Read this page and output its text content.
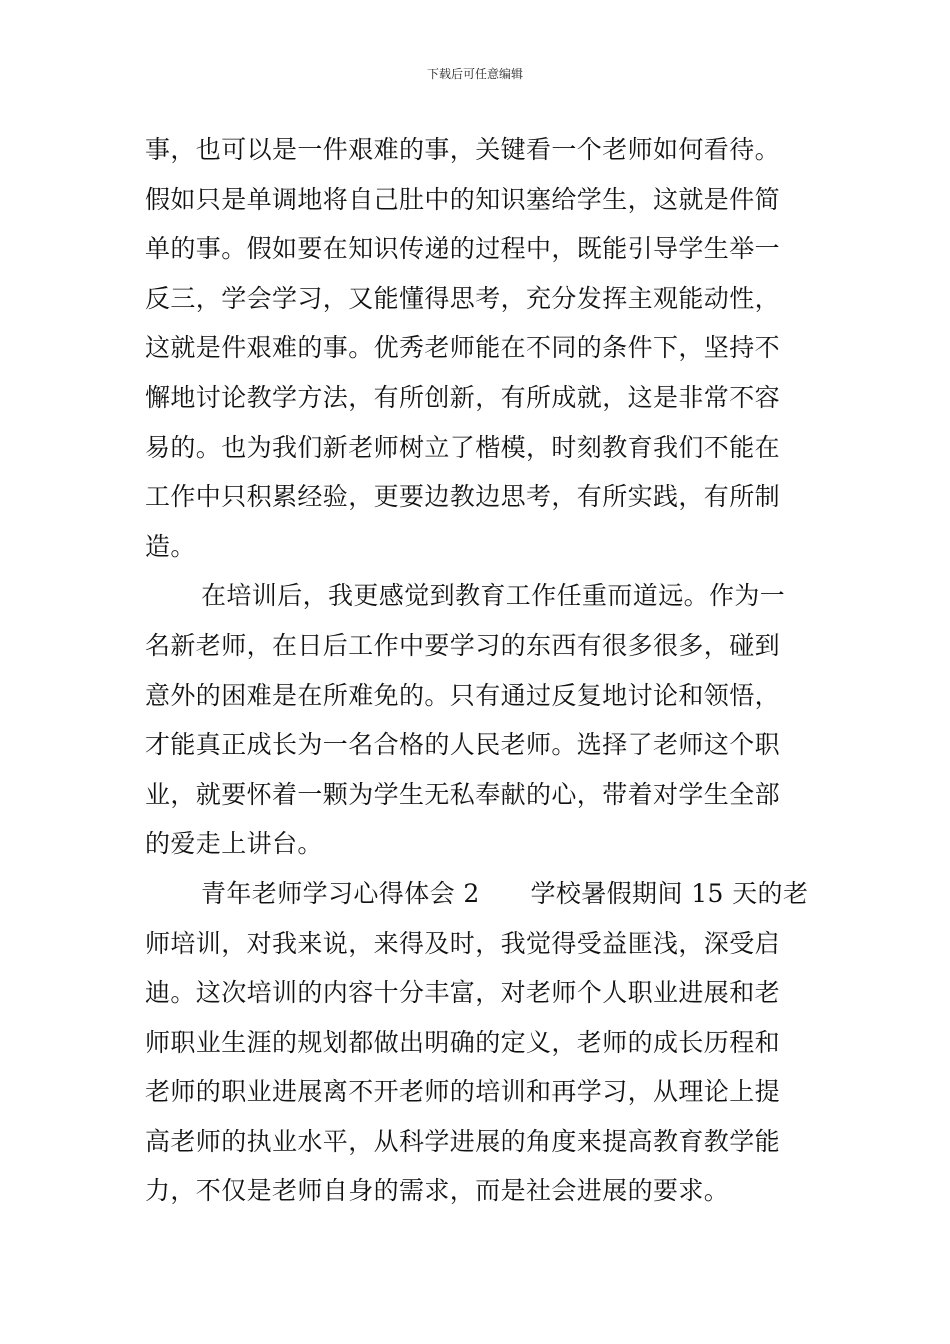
下载后可任意编辑
事，也可以是一件艰难的事，关键看一个老师如何看待。
假如只是单调地将自己肚中的知识塞给学生，这就是件简
单的事。假如要在知识传递的过程中，既能引导学生举一
反三，学会学习，又能懂得思考，充分发挥主观能动性，
这就是件艰难的事。优秀老师能在不同的条件下，坚持不
懈地讨论教学方法，有所创新，有所成就，这是非常不容
易的。也为我们新老师树立了楷模，时刻教育我们不能在
工作中只积累经验，更要边教边思考，有所实践，有所制
造。
在培训后，我更感觉到教育工作任重而道远。作为一
名新老师，在日后工作中要学习的东西有很多很多，碰到
意外的困难是在所难免的。只有通过反复地讨论和领悟，
才能真正成长为一名合格的人民老师。选择了老师这个职
业，就要怀着一颗为学生无私奉献的心，带着对学生全部
的爱走上讲台。
青年老师学习心得体会 2　　学校暑假期间 15 天的老
师培训，对我来说，来得及时，我觉得受益匪浅，深受启
迪。这次培训的内容十分丰富，对老师个人职业进展和老
师职业生涯的规划都做出明确的定义，老师的成长历程和
老师的职业进展离不开老师的培训和再学习，从理论上提
高老师的执业水平，从科学进展的角度来提高教育教学能
力，不仅是老师自身的需求，而是社会进展的要求。
